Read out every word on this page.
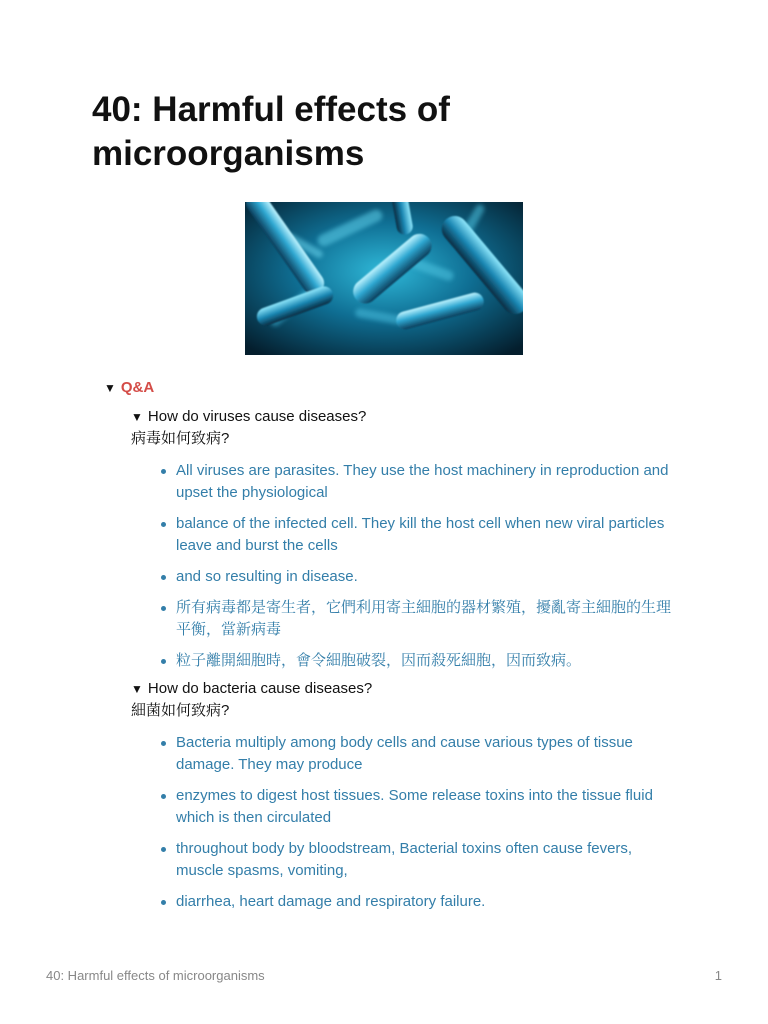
40: Harmful effects of microorganisms
▼ Q&A
▼ How do viruses cause diseases?
病毒如何致病?
All viruses are parasites. They use the host machinery in reproduction and upset the physiological
balance of the infected cell. They kill the host cell when new viral particles leave and burst the cells
and so resulting in disease.
所有病毒都是寄生者，它們利用寄主細胞的器材繁殖，擾亂寄主細胞的生理平衡，當新病毒
粒子離開細胞時，會令細胞破裂，因而殺死細胞，因而致病。
▼ How do bacteria cause diseases?
細菌如何致病?
Bacteria multiply among body cells and cause various types of tissue damage. They may produce
enzymes to digest host tissues. Some release toxins into the tissue fluid which is then circulated
throughout body by bloodstream, Bacterial toxins often cause fevers, muscle spasms, vomiting,
diarrhea, heart damage and respiratory failure.
40: Harmful effects of microorganisms	1
